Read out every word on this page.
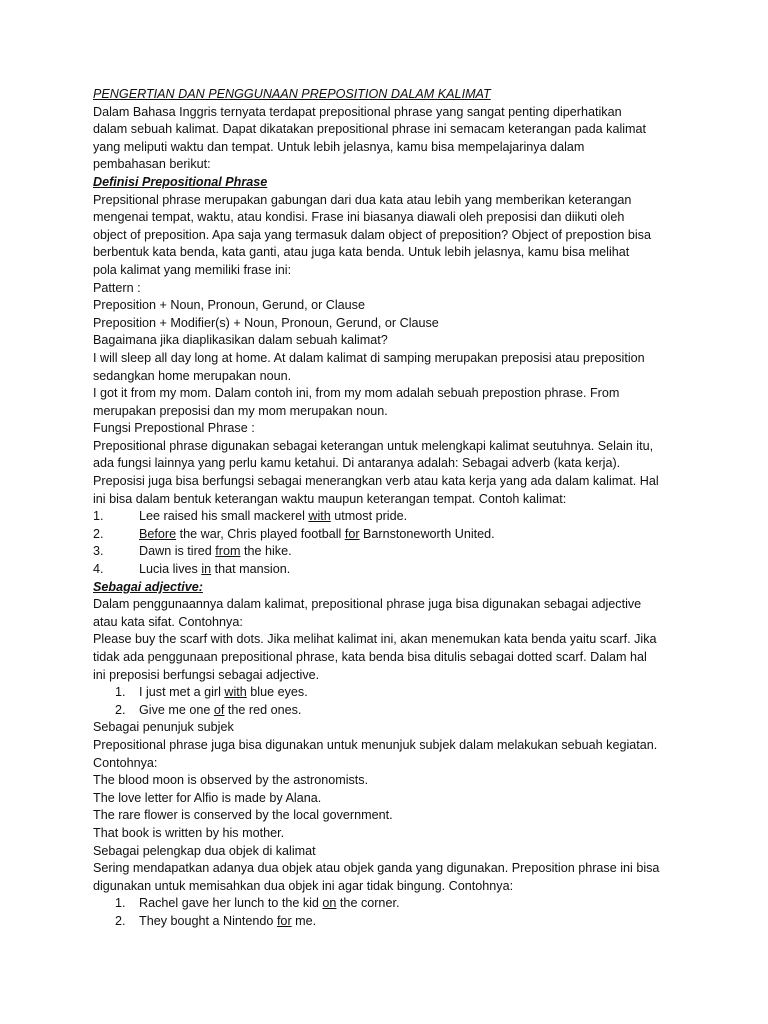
PENGERTIAN DAN PENGGUNAAN PREPOSITION DALAM KALIMAT
Dalam Bahasa Inggris ternyata terdapat prepositional phrase yang sangat penting diperhatikan
dalam sebuah kalimat. Dapat dikatakan prepositional phrase ini semacam keterangan pada kalimat
yang meliputi waktu dan tempat. Untuk lebih jelasnya, kamu bisa mempelajarinya dalam
pembahasan berikut:
Definisi Prepositional Phrase
Prepsitional phrase merupakan gabungan dari dua kata atau lebih yang memberikan keterangan
mengenai tempat, waktu, atau kondisi. Frase ini biasanya diawali oleh preposisi dan diikuti oleh
object of preposition. Apa saja yang termasuk dalam object of preposition? Object of prepostion bisa
berbentuk kata benda, kata ganti, atau juga kata benda. Untuk lebih jelasnya, kamu bisa melihat
pola kalimat yang memiliki frase ini:
Pattern :
Preposition + Noun, Pronoun, Gerund, or Clause
Preposition + Modifier(s) + Noun, Pronoun, Gerund, or Clause
Bagaimana jika diaplikasikan dalam sebuah kalimat?
I will sleep all day long at home. At dalam kalimat di samping merupakan preposisi atau preposition
sedangkan home merupakan noun.
I got it from my mom. Dalam contoh ini, from my mom adalah sebuah prepostion phrase. From
merupakan preposisi dan my mom merupakan noun.
Fungsi Prepostional Phrase :
Prepositional phrase digunakan sebagai keterangan untuk melengkapi kalimat seutuhnya. Selain itu,
ada fungsi lainnya yang perlu kamu ketahui. Di antaranya adalah: Sebagai adverb (kata kerja).
Preposisi juga bisa berfungsi sebagai menerangkan verb atau kata kerja yang ada dalam kalimat. Hal
ini bisa dalam bentuk keterangan waktu maupun keterangan tempat. Contoh kalimat:
1.	Lee raised his small mackerel with utmost pride.
2.	Before the war, Chris played football for Barnstoneworth United.
3.	Dawn is tired from the hike.
4.	Lucia lives in that mansion.
Sebagai adjective:
Dalam penggunaannya dalam kalimat, prepositional phrase juga bisa digunakan sebagai adjective
atau kata sifat. Contohnya:
Please buy the scarf with dots. Jika melihat kalimat ini, akan menemukan kata benda yaitu scarf. Jika
tidak ada penggunaan prepositional phrase, kata benda bisa ditulis sebagai dotted scarf. Dalam hal
ini preposisi berfungsi sebagai adjective.
1. I just met a girl with blue eyes.
2. Give me one of the red ones.
Sebagai penunjuk subjek
Prepositional phrase juga bisa digunakan untuk menunjuk subjek dalam melakukan sebuah kegiatan.
Contohnya:
The blood moon is observed by the astronomists.
The love letter for Alfio is made by Alana.
The rare flower is conserved by the local government.
That book is written by his mother.
Sebagai pelengkap dua objek di kalimat
Sering mendapatkan adanya dua objek atau objek ganda yang digunakan. Preposition phrase ini bisa
digunakan untuk memisahkan dua objek ini agar tidak bingung. Contohnya:
1. Rachel gave her lunch to the kid on the corner.
2. They bought a Nintendo for me.
